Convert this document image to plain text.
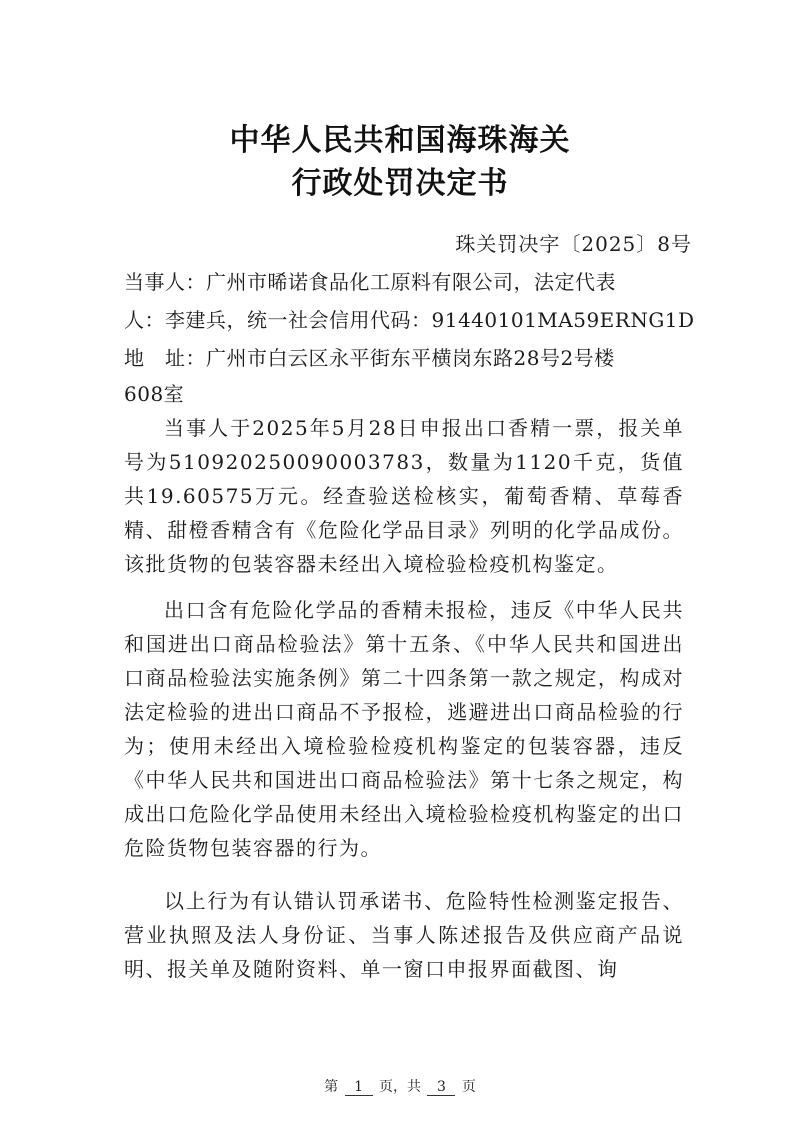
中华人民共和国海珠海关
行政处罚决定书
珠关罚决字〔2025〕8号
当事人：广州市晞诺食品化工原料有限公司，法定代表
人：李建兵，统一社会信用代码：91440101MA59ERNG1D
地　址：广州市白云区永平街东平横岗东路28号2号楼
608室
当事人于2025年5月28日申报出口香精一票，报关单号为510920250090003783，数量为1120千克，货值共19.60575万元。经查验送检核实，葡萄香精、草莓香精、甜橙香精含有《危险化学品目录》列明的化学品成份。该批货物的包装容器未经出入境检验检疫机构鉴定。
出口含有危险化学品的香精未报检，违反《中华人民共和国进出口商品检验法》第十五条、《中华人民共和国进出口商品检验法实施条例》第二十四条第一款之规定，构成对法定检验的进出口商品不予报检，逃避进出口商品检验的行为；使用未经出入境检验检疫机构鉴定的包装容器，违反《中华人民共和国进出口商品检验法》第十七条之规定，构成出口危险化学品使用未经出入境检验检疫机构鉴定的出口危险货物包装容器的行为。
以上行为有认错认罚承诺书、危险特性检测鉴定报告、营业执照及法人身份证、当事人陈述报告及供应商产品说明、报关单及随附资料、单一窗口申报界面截图、询
第 1 页，共 3 页
